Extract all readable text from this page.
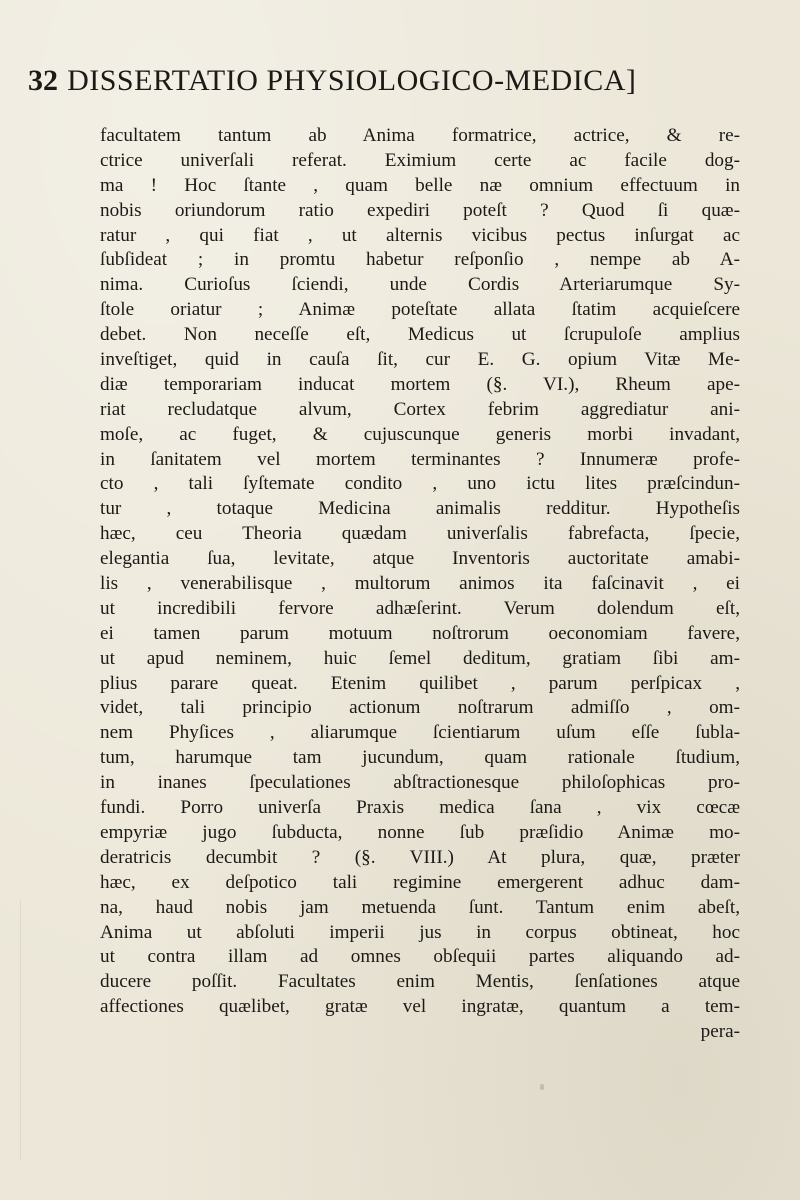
32 DISSERTATIO PHYSIOLOGICO-MEDICA]
facultatem tantum ab Anima formatrice, actrice, & re-
ctrice univerſali referat. Eximium certe ac facile dog-
ma ! Hoc ſtante , quam belle næ omnium effectuum in
nobis oriundorum ratio expediri poteſt ? Quod ſi quæ-
ratur , qui fiat , ut alternis vicibus pectus inſurgat ac
ſubſideat ; in promtu habetur reſponſio , nempe ab A-
nima. Curioſus ſciendi, unde Cordis Arteriarumque Sy-
ſtole oriatur ; Animæ poteſtate allata ſtatim acquieſcere
debet. Non neceſſe eſt, Medicus ut ſcrupuloſe amplius
inveſtiget, quid in cauſa ſit, cur E. G. opium Vitæ Me-
diæ temporariam inducat mortem (§. VI.), Rheum ape-
riat recludatque alvum, Cortex febrim aggrediatur ani-
moſe, ac fuget, & cujuscunque generis morbi invadant,
in ſanitatem vel mortem terminantes ? Innumeræ profe-
cto , tali ſyſtemate condito , uno ictu lites præſcindun-
tur , totaque Medicina animalis redditur. Hypotheſis
hæc, ceu Theoria quædam univerſalis fabrefacta, ſpecie,
elegantia ſua, levitate, atque Inventoris auctoritate amabi-
lis , venerabilisque , multorum animos ita faſcinavit , ei
ut incredibili fervore adhæſerint. Verum dolendum eſt,
ei tamen parum motuum noſtrorum oeconomiam favere,
ut apud neminem, huic ſemel deditum, gratiam ſibi am-
plius parare queat. Etenim quilibet , parum perſpicax ,
videt, tali principio actionum noſtrarum admiſſo , om-
nem Phyſices , aliarumque ſcientiarum uſum eſſe ſubla-
tum, harumque tam jucundum, quam rationale ſtudium,
in inanes ſpeculationes abſtractionesque philoſophicas pro-
fundi. Porro univerſa Praxis medica ſana , vix cœcæ
empyriæ jugo ſubducta, nonne ſub præſidio Animæ mo-
deratricis decumbit ? (§. VIII.) At plura, quæ, præter
hæc, ex deſpotico tali regimine emergerent adhuc dam-
na, haud nobis jam metuenda ſunt. Tantum enim abeſt,
Anima ut abſoluti imperii jus in corpus obtineat, hoc
ut contra illam ad omnes obſequii partes aliquando ad-
ducere poſſit. Facultates enim Mentis, ſenſationes atque
affectiones quælibet, gratæ vel ingratæ, quantum a tem-
pera-
